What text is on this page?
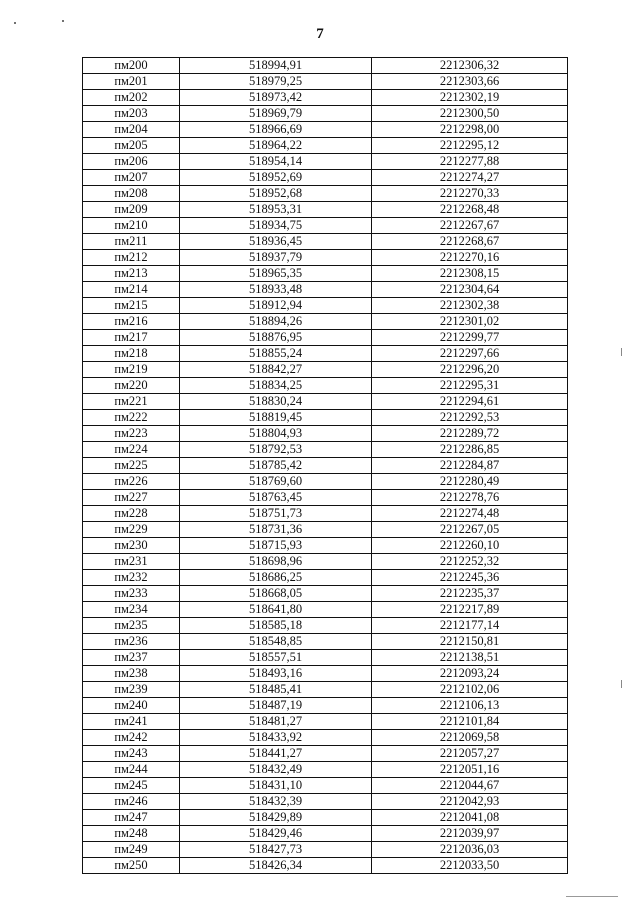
7
пм200	518994,91	2212306,32
пм201	518979,25	2212303,66
пм202	518973,42	2212302,19
пм203	518969,79	2212300,50
пм204	518966,69	2212298,00
пм205	518964,22	2212295,12
пм206	518954,14	2212277,88
пм207	518952,69	2212274,27
пм208	518952,68	2212270,33
пм209	518953,31	2212268,48
пм210	518934,75	2212267,67
пм211	518936,45	2212268,67
пм212	518937,79	2212270,16
пм213	518965,35	2212308,15
пм214	518933,48	2212304,64
пм215	518912,94	2212302,38
пм216	518894,26	2212301,02
пм217	518876,95	2212299,77
пм218	518855,24	2212297,66
пм219	518842,27	2212296,20
пм220	518834,25	2212295,31
пм221	518830,24	2212294,61
пм222	518819,45	2212292,53
пм223	518804,93	2212289,72
пм224	518792,53	2212286,85
пм225	518785,42	2212284,87
пм226	518769,60	2212280,49
пм227	518763,45	2212278,76
пм228	518751,73	2212274,48
пм229	518731,36	2212267,05
пм230	518715,93	2212260,10
пм231	518698,96	2212252,32
пм232	518686,25	2212245,36
пм233	518668,05	2212235,37
пм234	518641,80	2212217,89
пм235	518585,18	2212177,14
пм236	518548,85	2212150,81
пм237	518557,51	2212138,51
пм238	518493,16	2212093,24
пм239	518485,41	2212102,06
пм240	518487,19	2212106,13
пм241	518481,27	2212101,84
пм242	518433,92	2212069,58
пм243	518441,27	2212057,27
пм244	518432,49	2212051,16
пм245	518431,10	2212044,67
пм246	518432,39	2212042,93
пм247	518429,89	2212041,08
пм248	518429,46	2212039,97
пм249	518427,73	2212036,03
пм250	518426,34	2212033,50
